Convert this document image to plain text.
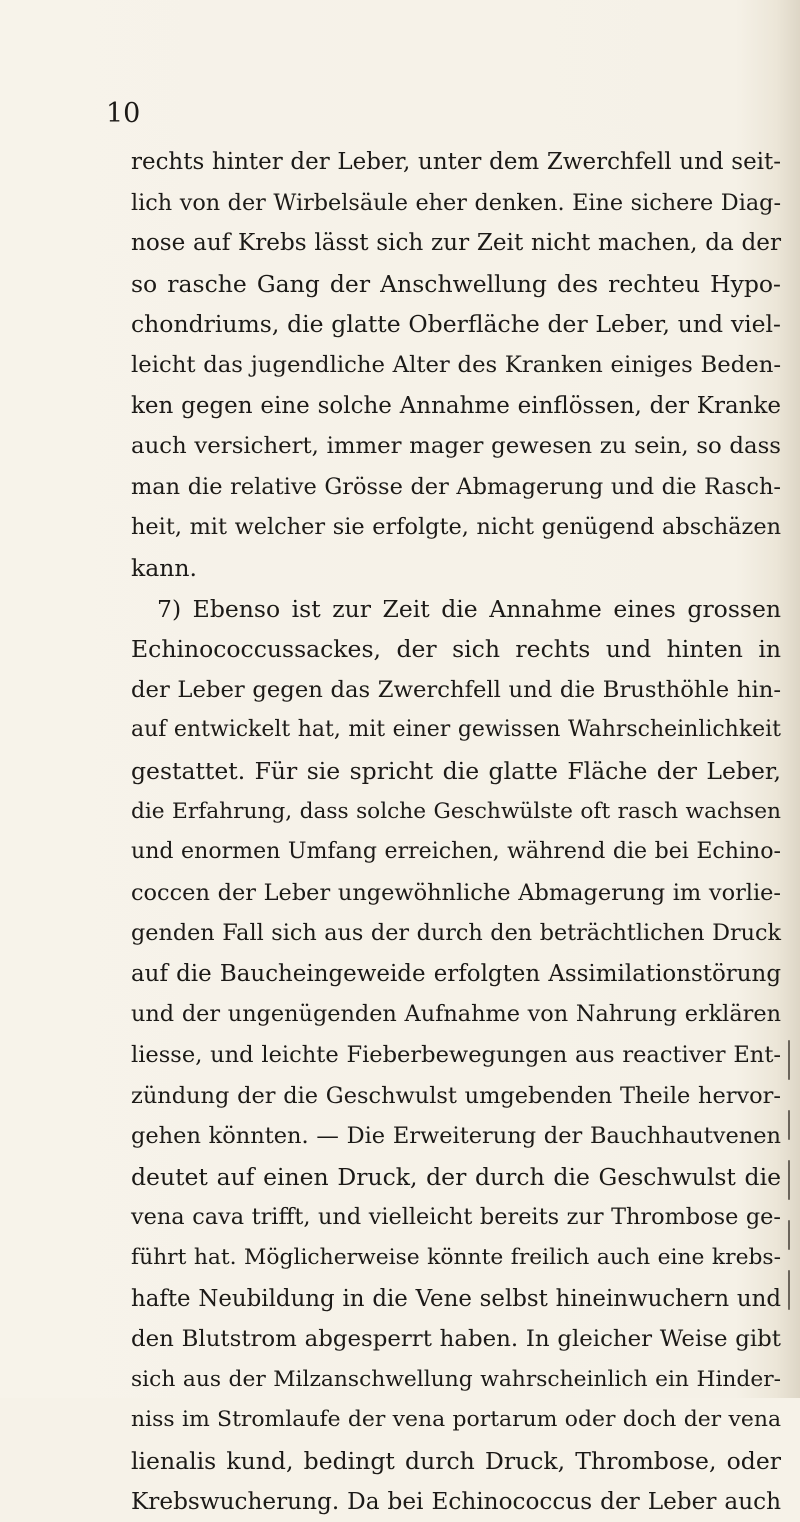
10
rechts hinter der Leber, unter dem Zwerchfell und seit-
lich von der Wirbelsäule eher denken. Eine sichere Diag-
nose auf Krebs lässt sich zur Zeit nicht machen, da der
so rasche Gang der Anschwellung des rechteu Hypo-
chondriums, die glatte Oberfläche der Leber, und viel-
leicht das jugendliche Alter des Kranken einiges Beden-
ken gegen eine solche Annahme einflössen, der Kranke
auch versichert, immer mager gewesen zu sein, so dass
man die relative Grösse der Abmagerung und die Rasch-
heit, mit welcher sie erfolgte, nicht genügend abschäzen
kann.
7) Ebenso ist zur Zeit die Annahme eines grossen
Echinococcussackes, der sich rechts und hinten in
der Leber gegen das Zwerchfell und die Brusthöhle hin-
auf entwickelt hat, mit einer gewissen Wahrscheinlichkeit
gestattet. Für sie spricht die glatte Fläche der Leber,
die Erfahrung, dass solche Geschwülste oft rasch wachsen
und enormen Umfang erreichen, während die bei Echino-
coccen der Leber ungewöhnliche Abmagerung im vorlie-
genden Fall sich aus der durch den beträchtlichen Druck
auf die Baucheingeweide erfolgten Assimilationstörung
und der ungenügenden Aufnahme von Nahrung erklären
liesse, und leichte Fieberbewegungen aus reactiver Ent-
zündung der die Geschwulst umgebenden Theile hervor-
gehen könnten. — Die Erweiterung der Bauchhautvenen
deutet auf einen Druck, der durch die Geschwulst die
vena cava trifft, und vielleicht bereits zur Thrombose ge-
führt hat. Möglicherweise könnte freilich auch eine krebs-
hafte Neubildung in die Vene selbst hineinwuchern und
den Blutstrom abgesperrt haben. In gleicher Weise gibt
sich aus der Milzanschwellung wahrscheinlich ein Hinder-
niss im Stromlaufe der vena portarum oder doch der vena
lienalis kund, bedingt durch Druck, Thrombose, oder
Krebswucherung. Da bei Echinococcus der Leber auch
